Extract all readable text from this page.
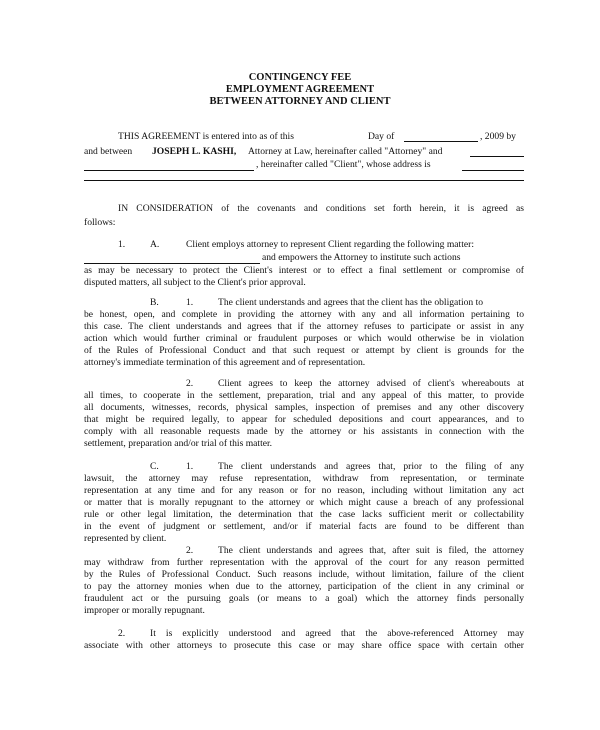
CONTINGENCY FEE
EMPLOYMENT AGREEMENT
BETWEEN ATTORNEY AND CLIENT
THIS AGREEMENT is entered into as of this	Day of	, 2009 by
and between JOSEPH L. KASHI, Attorney at Law, hereinafter called "Attorney" and
, hereinafter called "Client", whose address is
IN CONSIDERATION of the covenants and conditions set forth herein, it is agreed as
follows:
1.	A.	Client employs attorney to represent Client regarding the following matter:
and empowers the Attorney to institute such actions
as may be necessary to protect the Client's interest or to effect a final settlement or compromise of
disputed matters, all subject to the Client's prior approval.
B.	1.	The client understands and agrees that the client has the obligation to
be honest, open, and complete in providing the attorney with any and all information pertaining to
this case. The client understands and agrees that if the attorney refuses to participate or assist in any
action which would further criminal or fraudulent purposes or which would otherwise be in violation
of the Rules of Professional Conduct and that such request or attempt by client is grounds for the
attorney's immediate termination of this agreement and of representation.
2.	Client agrees to keep the attorney advised of client's whereabouts at
all times, to cooperate in the settlement, preparation, trial and any appeal of this matter, to provide
all documents, witnesses, records, physical samples, inspection of premises and any other discovery
that might be required legally, to appear for scheduled depositions and court appearances, and to
comply with all reasonable requests made by the attorney or his assistants in connection with the
settlement, preparation and/or trial of this matter.
C.	1.	The client understands and agrees that, prior to the filing of any
lawsuit, the attorney may refuse representation, withdraw from representation, or terminate
representation at any time and for any reason or for no reason, including without limitation any act
or matter that is morally repugnant to the attorney or which might cause a breach of any professional
rule or other legal limitation, the determination that the case lacks sufficient merit or collectability
in the event of judgment or settlement, and/or if material facts are found to be different than
represented by client.
2.	The client understands and agrees that, after suit is filed, the attorney
may withdraw from further representation with the approval of the court for any reason permitted
by the Rules of Professional Conduct. Such reasons include, without limitation, failure of the client
to pay the attorney monies when due to the attorney, participation of the client in any criminal or
fraudulent act or the pursuing goals (or means to a goal) which the attorney finds personally
improper or morally repugnant.
2.	It is explicitly understood and agreed that the above-referenced Attorney may
associate with other attorneys to prosecute this case or may share office space with certain other
